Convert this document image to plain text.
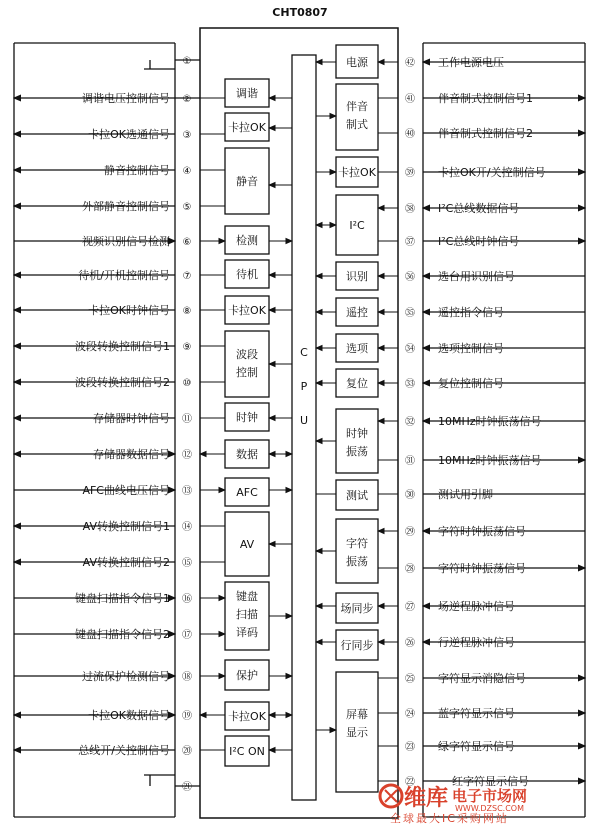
CHT0807
C
P
U
①
调谐电压控制信号 ②
卡拉OK选通信号 ③
静音控制信号 ④
外部静音控制信号 ⑤
视频识别信号检测 ⑥
待机/开机控制信号 ⑦
卡拉OK时钟信号 ⑧
波段转换控制信号1 ⑨
波段转换控制信号2 ⑩
存储器时钟信号 ⑪
存储器数据信号 ⑫
AFC曲线电压信号 ⑬
AV转换控制信号1 ⑭
AV转换控制信号2 ⑮
键盘扫描指令信号1 ⑯
键盘扫描指令信号2 ⑰
过流保护检测信号 ⑱
卡拉OK数据信号 ⑲
总线开/关控制信号 ⑳
㉑
㊷ 工作电源电压
㊶ 伴音制式控制信号1
㊵ 伴音制式控制信号2
㊴ 卡拉OK开/关控制信号
㊳ I²C总线数据信号
㊲ I²C总线时钟信号
㊱ 选台用识别信号
㉟ 遥控指令信号
㉞ 选项控制信号
㉝ 复位控制信号
㉜ 10MHz时钟振荡信号
㉛ 10MHz时钟振荡信号
㉚ 测试用引脚
㉙ 字符时钟振荡信号
㉘ 字符时钟振荡信号
㉗ 场逆程脉冲信号
㉖ 行逆程脉冲信号
㉕ 字符显示消隐信号
㉔ 蓝字符显示信号
㉓ 绿字符显示信号
㉒	红字符显示信号
调谐
卡拉OK
静音
检测
待机
卡拉OK
波段
控制
时钟
数据
AFC
AV
键盘
扫描
译码
保护
卡拉OK
I²C ON
电源
伴音
制式
卡拉OK
I²C
识别
遥控
选项
复位
时钟
振荡
测试
字符
振荡
场同步
行同步
屏幕
显示
维库 电子市场网
WWW.DZSC.COM
全球最大IC采购网站
